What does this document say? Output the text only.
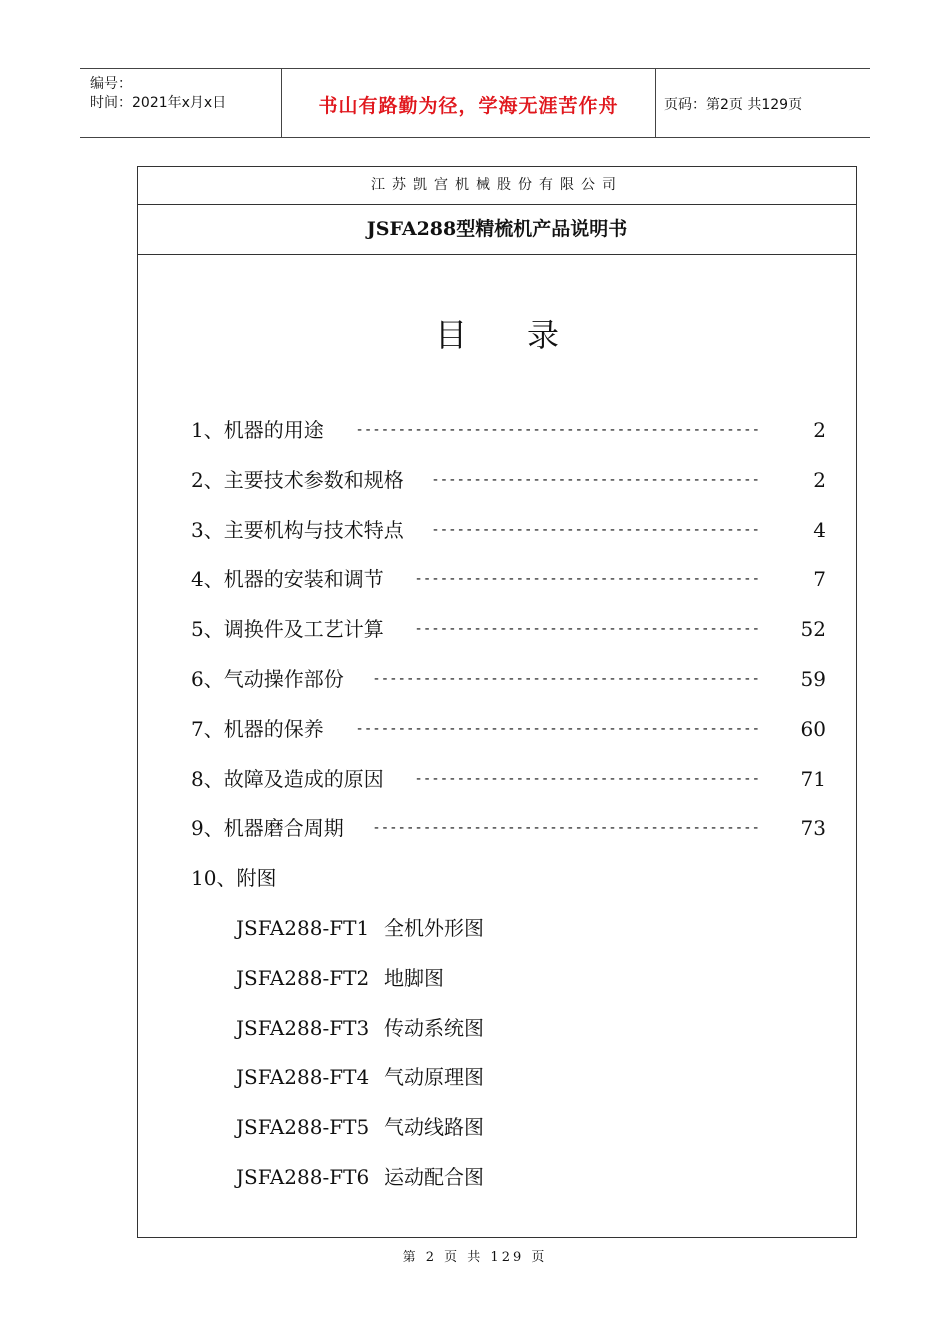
编号：
时间：2021年x月x日	书山有路勤为径，学海无涯苦作舟	页码：第2页 共129页
江苏凯宫机械股份有限公司
JSFA288型精梳机产品说明书
目录
1、机器的用途	------------------------------------------------	2
2、主要技术参数和规格	---------------------------------------	2
3、主要机构与技术特点	---------------------------------------	4
4、机器的安装和调节	-----------------------------------------	7
5、调换件及工艺计算	-----------------------------------------	52
6、气动操作部份	----------------------------------------------	59
7、机器的保养	------------------------------------------------	60
8、故障及造成的原因	-----------------------------------------	71
9、机器磨合周期	----------------------------------------------	73
10、附图
JSFA288-FT1 全机外形图
JSFA288-FT2 地脚图
JSFA288-FT3 传动系统图
JSFA288-FT4 气动原理图
JSFA288-FT5 气动线路图
JSFA288-FT6 运动配合图
第 2 页 共 129 页
